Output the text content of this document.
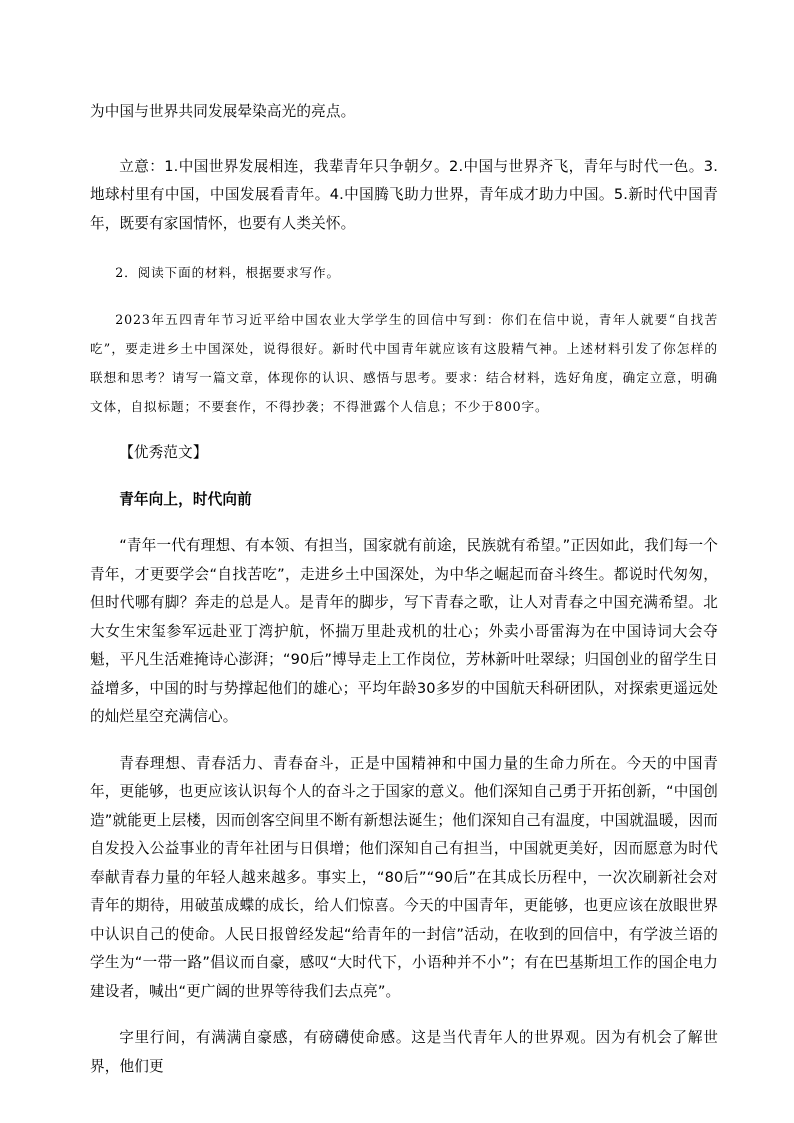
为中国与世界共同发展晕染高光的亮点。

立意：1.中国世界发展相连，我辈青年只争朝夕。2.中国与世界齐飞，青年与时代一色。3.地球村里有中国，中国发展看青年。4.中国腾飞助力世界，青年成才助力中国。5.新时代中国青年，既要有家国情怀，也要有人类关怀。

2．阅读下面的材料，根据要求写作。

2023年五四青年节习近平给中国农业大学学生的回信中写到：你们在信中说，青年人就要“自找苦吃”，要走进乡土中国深处，说得很好。新时代中国青年就应该有这股精气神。上述材料引发了你怎样的联想和思考？请写一篇文章，体现你的认识、感悟与思考。要求：结合材料，选好角度，确定立意，明确文体，自拟标题；不要套作，不得抄袭；不得泄露个人信息；不少于800字。

【优秀范文】

青年向上，时代向前

“青年一代有理想、有本领、有担当，国家就有前途，民族就有希望。”正因如此，我们每一个青年，才更要学会“自找苦吃”，走进乡土中国深处，为中华之崛起而奋斗终生。都说时代匆匆，但时代哪有脚？奔走的总是人。是青年的脚步，写下青春之歌，让人对青春之中国充满希望。北大女生宋玺参军远赴亚丁湾护航，怀揣万里赴戎机的壮心；外卖小哥雷海为在中国诗词大会夺魁，平凡生活难掩诗心澎湃；“90后”博导走上工作岗位，芳林新叶吐翠绿；归国创业的留学生日益增多，中国的时与势撑起他们的雄心；平均年龄30多岁的中国航天科研团队，对探索更遥远处的灿烂星空充满信心。

青春理想、青春活力、青春奋斗，正是中国精神和中国力量的生命力所在。今天的中国青年，更能够，也更应该认识每个人的奋斗之于国家的意义。他们深知自己勇于开拓创新，“中国创造”就能更上层楼，因而创客空间里不断有新想法诞生；他们深知自己有温度，中国就温暖，因而自发投入公益事业的青年社团与日俱增；他们深知自己有担当，中国就更美好，因而愿意为时代奉献青春力量的年轻人越来越多。事实上，“80后”“90后”在其成长历程中，一次次刷新社会对青年的期待，用破茧成蝶的成长，给人们惊喜。今天的中国青年，更能够，也更应该在放眼世界中认识自己的使命。人民日报曾经发起“给青年的一封信”活动，在收到的回信中，有学波兰语的学生为“一带一路”倡议而自豪，感叹“大时代下，小语种并不小”；有在巴基斯坦工作的国企电力建设者，喊出“更广阔的世界等待我们去点亮”。

字里行间，有满满自豪感，有磅礴使命感。这是当代青年人的世界观。因为有机会了解世界，他们更
